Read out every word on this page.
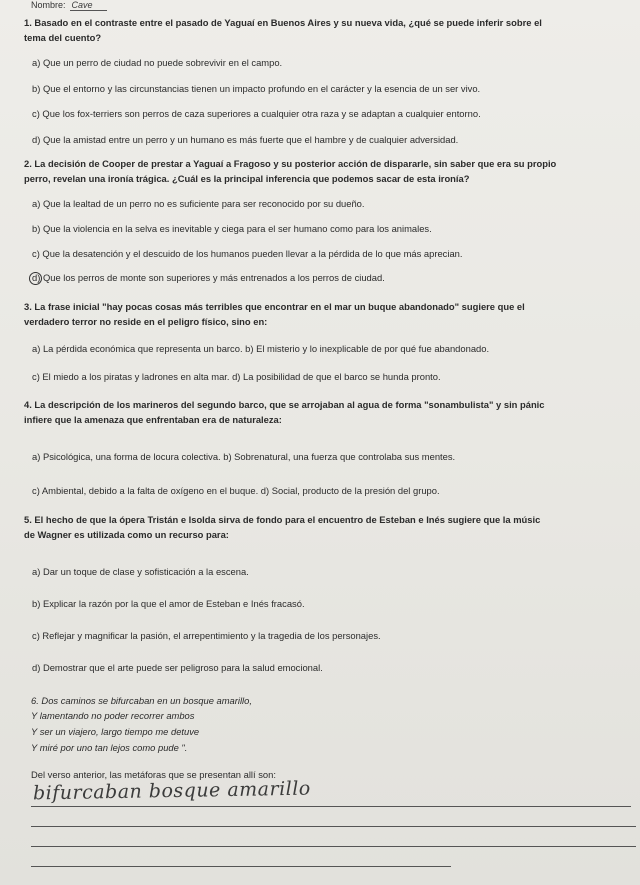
Nombre: Cave
1. Basado en el contraste entre el pasado de Yaguaí en Buenos Aires y su nueva vida, ¿qué se puede inferir sobre el
tema del cuento?
a) Que un perro de ciudad no puede sobrevivir en el campo.
b) Que el entorno y las circunstancias tienen un impacto profundo en el carácter y la esencia de un ser vivo.
c) Que los fox-terriers son perros de caza superiores a cualquier otra raza y se adaptan a cualquier entorno.
d) Que la amistad entre un perro y un humano es más fuerte que el hambre y de cualquier adversidad.
2. La decisión de Cooper de prestar a Yaguaí a Fragoso y su posterior acción de dispararle, sin saber que era su propio
perro, revelan una ironía trágica. ¿Cuál es la principal inferencia que podemos sacar de esta ironía?
a) Que la lealtad de un perro no es suficiente para ser reconocido por su dueño.
b) Que la violencia en la selva es inevitable y ciega para el ser humano como para los animales.
c) Que la desatención y el descuido de los humanos pueden llevar a la pérdida de lo que más aprecian.
d) Que los perros de monte son superiores y más entrenados a los perros de ciudad.
3. La frase inicial "hay pocas cosas más terribles que encontrar en el mar un buque abandonado" sugiere que el
verdadero terror no reside en el peligro físico, sino en:
a) La pérdida económica que representa un barco. b) El misterio y lo inexplicable de por qué fue abandonado.
c) El miedo a los piratas y ladrones en alta mar. d) La posibilidad de que el barco se hunda pronto.
4. La descripción de los marineros del segundo barco, que se arrojaban al agua de forma "sonambulista" y sin pánic
infiere que la amenaza que enfrentaban era de naturaleza:
a) Psicológica, una forma de locura colectiva. b) Sobrenatural, una fuerza que controlaba sus mentes.
c) Ambiental, debido a la falta de oxígeno en el buque. d) Social, producto de la presión del grupo.
5. El hecho de que la ópera Tristán e Isolda sirva de fondo para el encuentro de Esteban e Inés sugiere que la músic
de Wagner es utilizada como un recurso para:
a) Dar un toque de clase y sofisticación a la escena.
b) Explicar la razón por la que el amor de Esteban e Inés fracasó.
c) Reflejar y magnificar la pasión, el arrepentimiento y la tragedia de los personajes.
d) Demostrar que el arte puede ser peligroso para la salud emocional.
6. Dos caminos se bifurcaban en un bosque amarillo,
Y lamentando no poder recorrer ambos
Y ser un viajero, largo tiempo me detuve
Y miré por uno tan lejos como pude ".
Del verso anterior, las metáforas que se presentan allí son:
bifurcaban bosque amarillo
